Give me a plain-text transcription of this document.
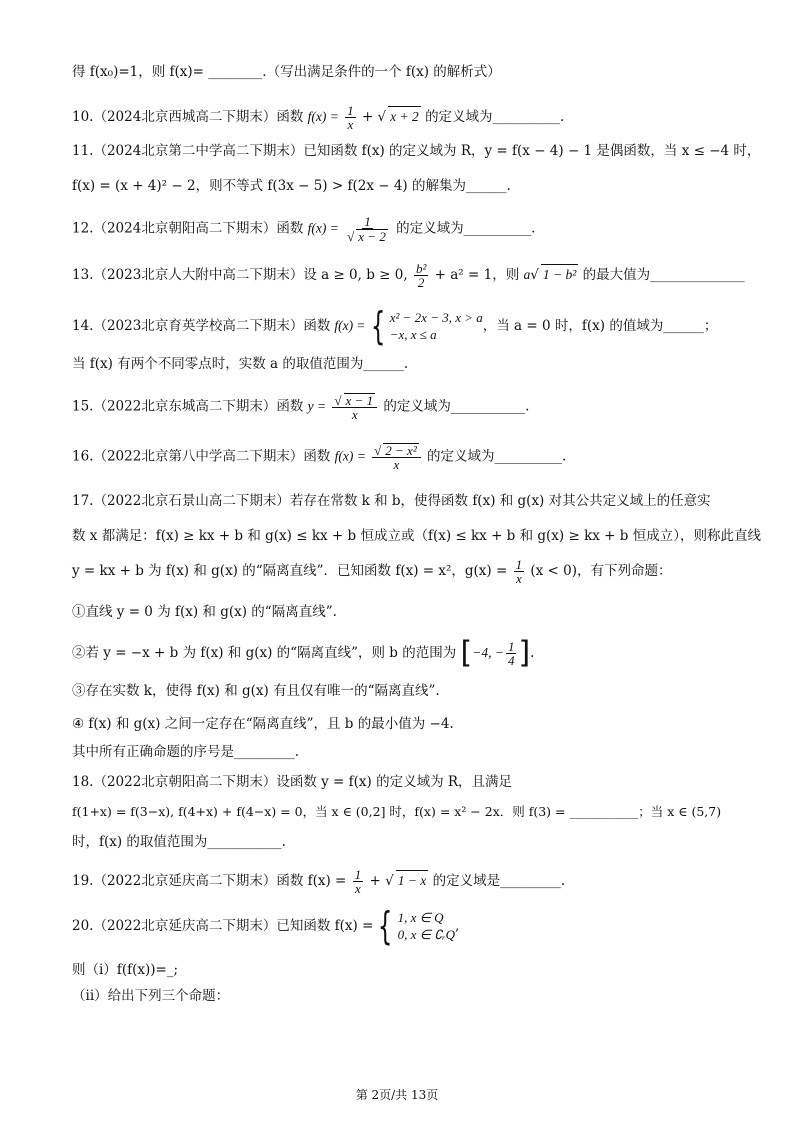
得 f(x₀)=1，则 f(x)= ________.（写出满足条件的一个 f(x) 的解析式）
10.（2024北京西城高二下期末）函数 $f(x) = \frac{1}{x}$ + √ x + 2 的定义域为__________.
11.（2024北京第二中学高二下期末）已知函数 f(x) 的定义域为 R，y = f(x − 4) − 1 是偶函数，当 x ≤ −4 时，
f(x) = (x + 4)² − 2，则不等式 f(3x − 5) > f(2x − 4) 的解集为______.
12.（2024北京朝阳高二下期末）函数 $f(x) = \frac{1}{√ x - 2}$ 的定义域为__________.
13.（2023北京人大附中高二下期末）设 a ≥ 0, b ≥ 0, $\frac{\text{b²}}{2} + a^2 = 1$，则 a√ 1 − b² 的最大值为______________
14.（2023北京育英学校高二下期末）函数 f(x) = { x² − 2x − 3, x > a
−x, x ≤ a
，当 a = 0 时，f(x) 的值域为______；
当 f(x) 有两个不同零点时，实数 a 的取值范围为______.
15.（2022北京东城高二下期末）函数 $y = \frac{√ x - 1}{x}$ 的定义域为___________.
16.（2022北京第八中学高二下期末）函数 $f(x) = \frac{\text{√ 2 − x²}}{x}$ 的定义域为__________.
17.（2022北京石景山高二下期末）若存在常数 k 和 b，使得函数 f(x) 和 g(x) 对其公共定义域上的任意实
数 x 都满足：f(x) ≥ kx + b 和 g(x) ≤ kx + b 恒成立或（f(x) ≤ kx + b 和 g(x) ≥ kx + b 恒成立），则称此直线
y = kx + b 为 f(x) 和 g(x) 的“隔离直线”．已知函数 f(x) = x²，$g(x) = \frac{1}{x} (x < 0)$，有下列命题：
①直线 y = 0 为 f(x) 和 g(x) 的“隔离直线”.
②若 y = −x + b 为 f(x) 和 g(x) 的“隔离直线”，则 b 的范围为 [−4, − $\frac{1}{4}$ ].
③存在实数 k，使得 f(x) 和 g(x) 有且仅有唯一的“隔离直线”.
④ f(x) 和 g(x) 之间一定存在“隔离直线”，且 b 的最小值为 −4.
其中所有正确命题的序号是_________.
18.（2022北京朝阳高二下期末）设函数 y = f(x) 的定义域为 R，且满足
f(1+x) = f(3−x), f(4+x) + f(4−x) = 0，当 x ∈ (0,2] 时，f(x) = x² − 2x．则 f(3) = ___________；当 x ∈ (5,7)
时，f(x) 的取值范围为___________.
19.（2022北京延庆高二下期末）函数 $f(x) = \frac{1}{x}$ + √ 1 − x 的定义域是_________.
20.（2022北京延庆高二下期末）已知函数 f(x) = { 1, x ∈ Q
0, x ∈ ∁ᵣQ
,
则（i）f(f(x))=_;
（ii）给出下列三个命题：
第 2页/共 13页
